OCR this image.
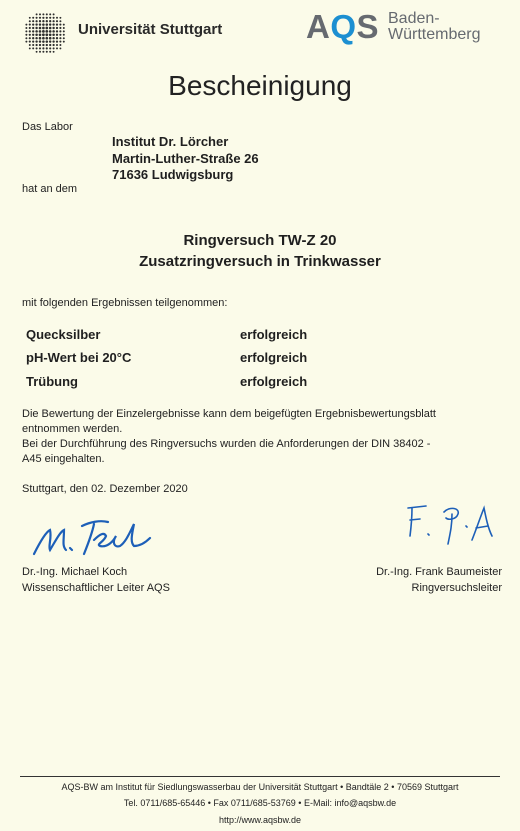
Universität Stuttgart	AQS Baden-
Württemberg
Bescheinigung
Das Labor
Institut Dr. Lörcher
Martin-Luther-Straße 26
71636 Ludwigsburg
hat an dem
Ringversuch TW-Z 20
Zusatzringversuch in Trinkwasser
mit folgenden Ergebnissen teilgenommen:
Quecksilber	erfolgreich
pH-Wert bei 20°C	erfolgreich
Trübung	erfolgreich
Die Bewertung der Einzelergebnisse kann dem beigefügten Ergebnisbewertungsblatt
entnommen werden.
Bei der Durchführung des Ringversuchs wurden die Anforderungen der DIN 38402 -
A45 eingehalten.
Stuttgart, den 02. Dezember 2020
Dr.-Ing. Michael Koch
Wissenschaftlicher Leiter AQS
Dr.-Ing. Frank Baumeister
Ringversuchsleiter
AQS-BW am Institut für Siedlungswasserbau der Universität Stuttgart • Bandtäle 2 • 70569 Stuttgart
Tel. 0711/685-65446 • Fax 0711/685-53769 • E-Mail: info@aqsbw.de
http://www.aqsbw.de
